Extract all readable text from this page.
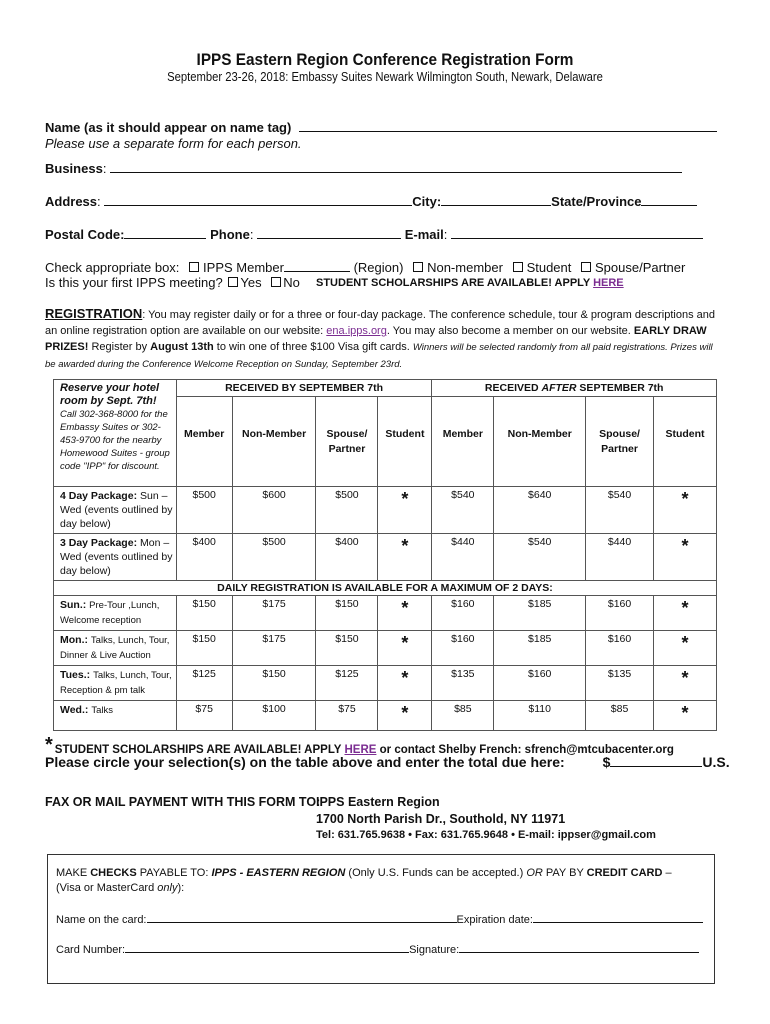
IPPS Eastern Region Conference Registration Form
September 23-26, 2018: Embassy Suites Newark Wilmington South, Newark, Delaware
Name (as it should appear on name tag)
Please use a separate form for each person.
Business:
Address:	City:	State/Province
Postal Code:	Phone:	E-mail:
Check appropriate box: IPPS Member	(Region) Non-member Student Spouse/Partner
Is this your first IPPS meeting? Yes No STUDENT SCHOLARSHIPS ARE AVAILABLE! APPLY HERE
REGISTRATION: You may register daily or for a three or four-day package. The conference schedule, tour & program descriptions and an online registration option are available on our website: ena.ipps.org. You may also become a member on our website. EARLY DRAW PRIZES! Register by August 13th to win one of three $100 Visa gift cards. Winners will be selected randomly from all paid registrations. Prizes will be awarded during the Conference Welcome Reception on Sunday, September 23rd.
Reserve your hotel room by Sept. 7th! Call 302-368-8000 for the Embassy Suites or 302-453-9700 for the nearby Homewood Suites - group code "IPP" for discount.	RECEIVED BY SEPTEMBER 7th				RECEIVED AFTER SEPTEMBER 7th			
	Member	Non-Member	Spouse/ Partner	Student	Member	Non-Member	Spouse/ Partner	Student
4 Day Package: Sun – Wed (events outlined by day below)	$500	$600	$500	*	$540	$640	$540	*
3 Day Package: Mon – Wed (events outlined by day below)	$400	$500	$400	*	$440	$540	$440	*
DAILY REGISTRATION IS AVAILABLE FOR A MAXIMUM OF 2 DAYS:								
Sun.: Pre-Tour ,Lunch, Welcome reception	$150	$175	$150	*	$160	$185	$160	*
Mon.: Talks, Lunch, Tour, Dinner & Live Auction	$150	$175	$150	*	$160	$185	$160	*
Tues.: Talks, Lunch, Tour, Reception & pm talk	$125	$150	$125	*	$135	$160	$135	*
Wed.: Talks	$75	$100	$75	*	$85	$110	$85	*
* STUDENT SCHOLARSHIPS ARE AVAILABLE! APPLY HERE or contact Shelby French: sfrench@mtcubacenter.org
Please circle your selection(s) on the table above and enter the total due here:	$	U.S.
FAX OR MAIL PAYMENT WITH THIS FORM TO:
IPPS Eastern Region
1700 North Parish Dr., Southold, NY 11971
Tel: 631.765.9638 • Fax: 631.765.9648 • E-mail: ippser@gmail.com
MAKE CHECKS PAYABLE TO: IPPS - EASTERN REGION (Only U.S. Funds can be accepted.) OR PAY BY CREDIT CARD – (Visa or MasterCard only):
Name on the card:	Expiration date:
Card Number:	Signature:
